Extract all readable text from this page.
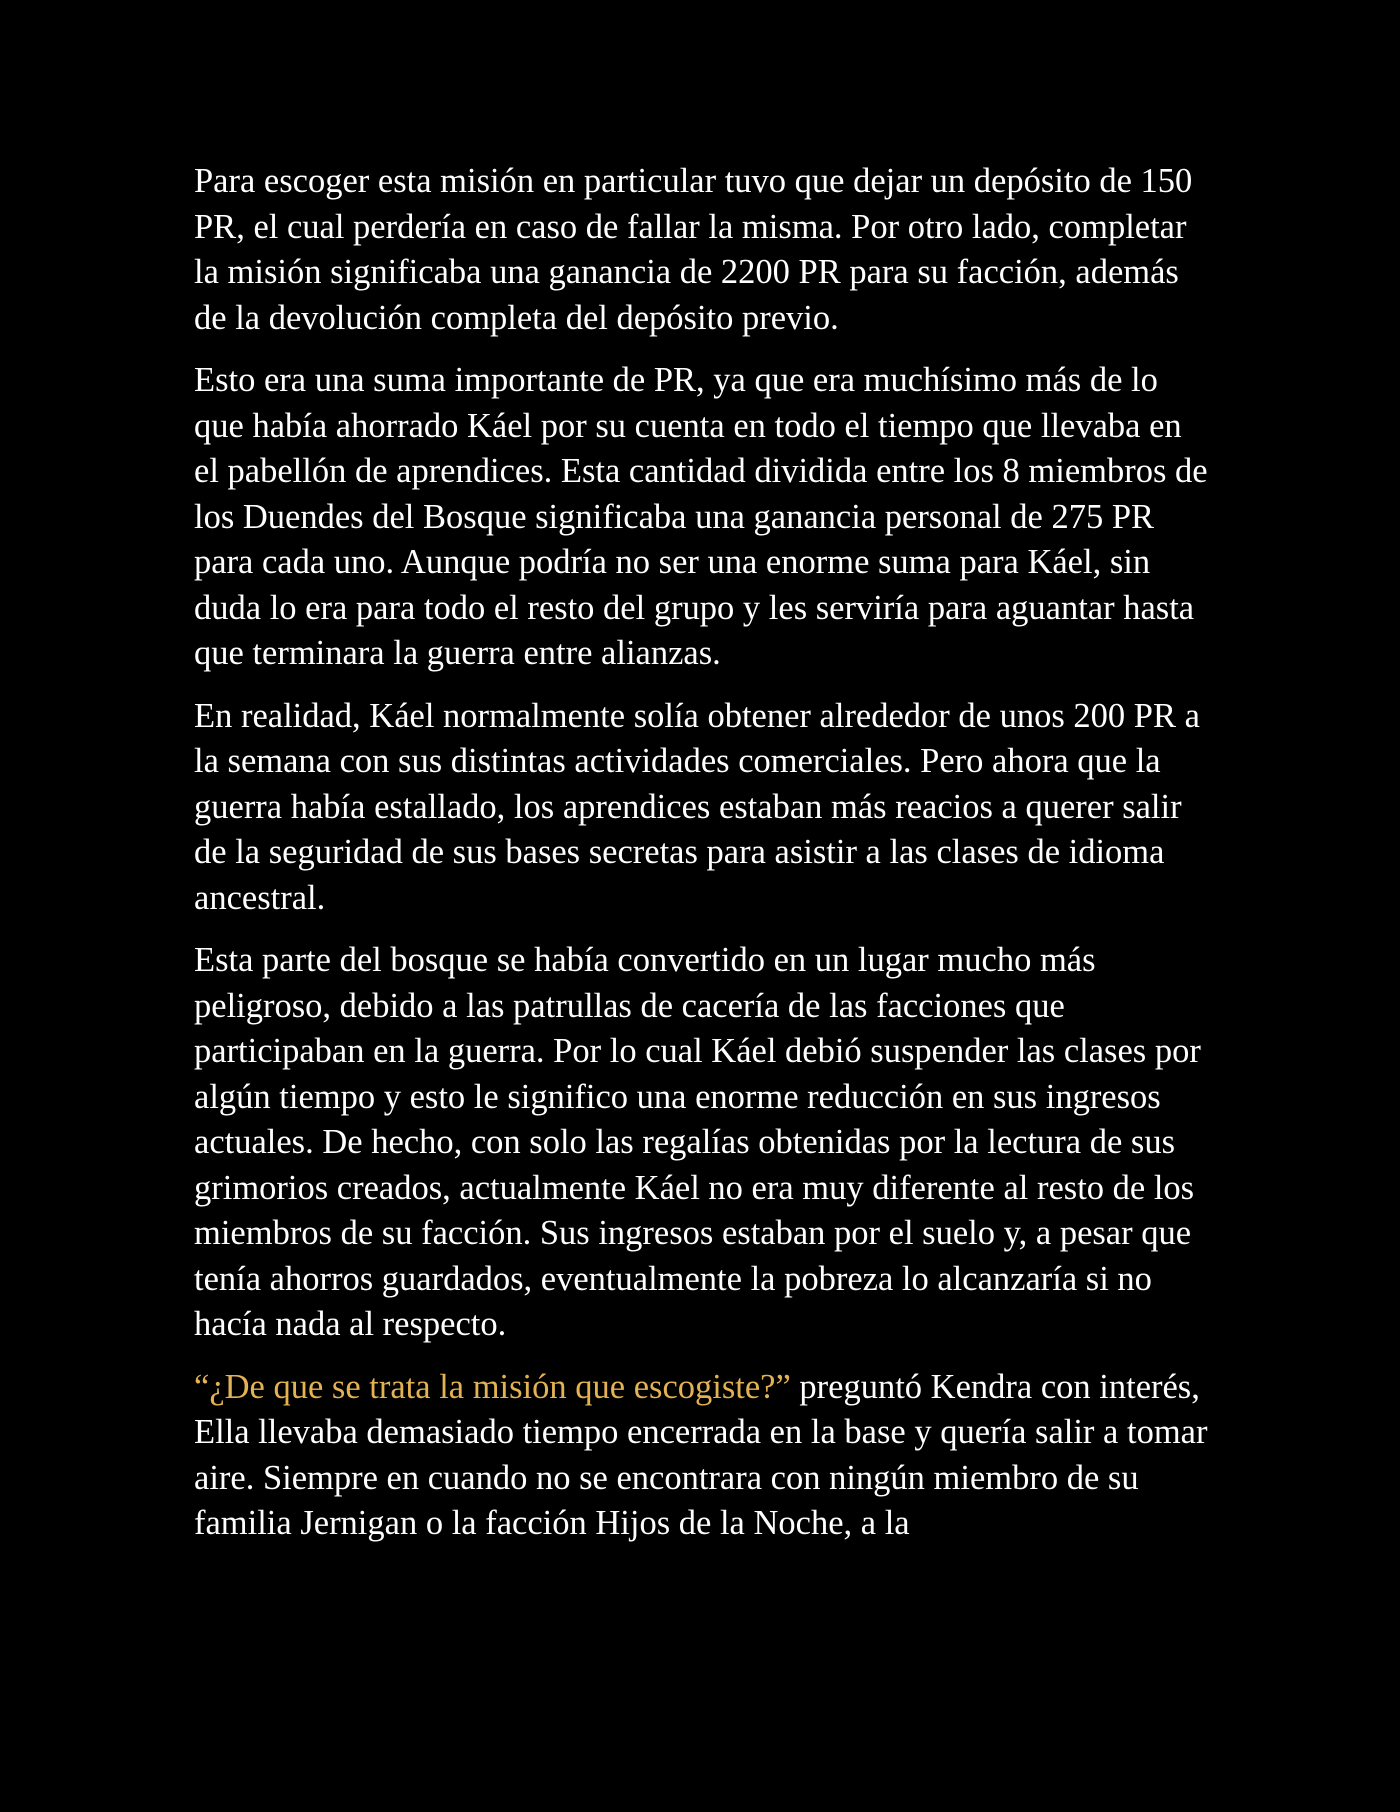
Para escoger esta misión en particular tuvo que dejar un depósito de 150 PR, el cual perdería en caso de fallar la misma. Por otro lado, completar la misión significaba una ganancia de 2200 PR para su facción, además de la devolución completa del depósito previo.

Esto era una suma importante de PR, ya que era muchísimo más de lo que había ahorrado Káel por su cuenta en todo el tiempo que llevaba en el pabellón de aprendices. Esta cantidad dividida entre los 8 miembros de los Duendes del Bosque significaba una ganancia personal de 275 PR para cada uno. Aunque podría no ser una enorme suma para Káel, sin duda lo era para todo el resto del grupo y les serviría para aguantar hasta que terminara la guerra entre alianzas.

En realidad, Káel normalmente solía obtener alrededor de unos 200 PR a la semana con sus distintas actividades comerciales. Pero ahora que la guerra había estallado, los aprendices estaban más reacios a querer salir de la seguridad de sus bases secretas para asistir a las clases de idioma ancestral.

Esta parte del bosque se había convertido en un lugar mucho más peligroso, debido a las patrullas de cacería de las facciones que participaban en la guerra. Por lo cual Káel debió suspender las clases por algún tiempo y esto le significo una enorme reducción en sus ingresos actuales. De hecho, con solo las regalías obtenidas por la lectura de sus grimorios creados, actualmente Káel no era muy diferente al resto de los miembros de su facción. Sus ingresos estaban por el suelo y, a pesar que tenía ahorros guardados, eventualmente la pobreza lo alcanzaría si no hacía nada al respecto.

“¿De que se trata la misión que escogiste?” preguntó Kendra con interés, Ella llevaba demasiado tiempo encerrada en la base y quería salir a tomar aire. Siempre en cuando no se encontrara con ningún miembro de su familia Jernigan o la facción Hijos de la Noche, a la
